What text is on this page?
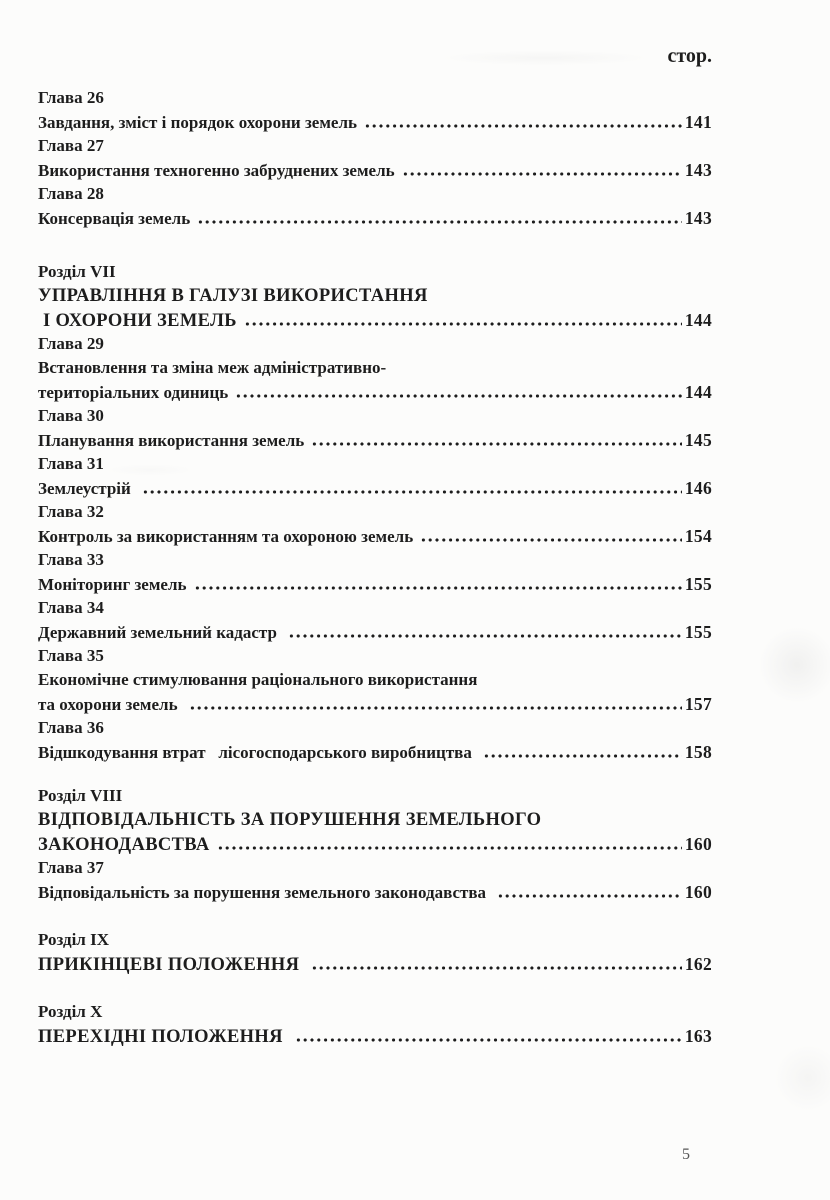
стор.
Глава 26
Завдання, зміст і порядок охорони земель	141
Глава 27
Використання техногенно забруднених земель	143
Глава 28
Консервація земель	143
Розділ VII
УПРАВЛІННЯ В ГАЛУЗІ ВИКОРИСТАННЯ
І ОХОРОНИ ЗЕМЕЛЬ	144
Глава 29
Встановлення та зміна меж адміністративно-
територіальних одиниць	144
Глава 30
Планування використання земель	145
Глава 31
Землеустрій	146
Глава 32
Контроль за використанням та охороною земель	154
Глава 33
Моніторинг земель	155
Глава 34
Державний земельний кадастр	155
Глава 35
Економічне стимулювання раціонального використання
та охорони земель	157
Глава 36
Відшкодування втрат   лісогосподарського виробництва	158
Розділ VIII
ВІДПОВІДАЛЬНІСТЬ ЗА ПОРУШЕННЯ ЗЕМЕЛЬНОГО
ЗАКОНОДАВСТВА	160
Глава 37
Відповідальність за порушення земельного законодавства	160
Розділ IX
ПРИКІНЦЕВІ ПОЛОЖЕННЯ	162
Розділ X
ПЕРЕХІДНІ ПОЛОЖЕННЯ	163
5
